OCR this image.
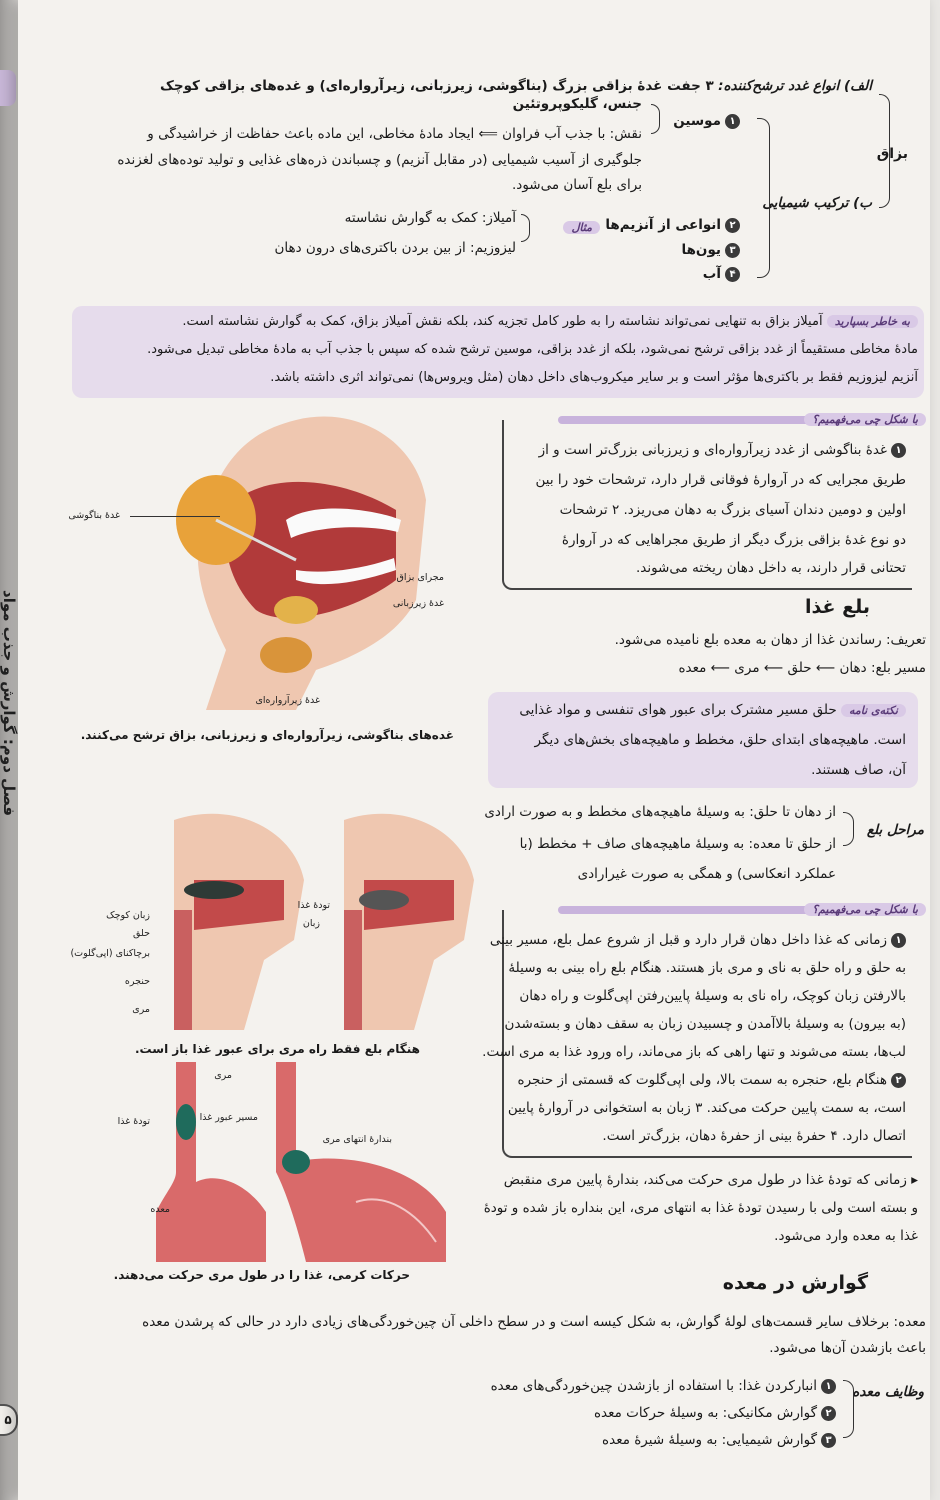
فصل دوم: گوارش و جذب مواد
۵
بزاق
الف) انواع غدد ترشح‌کننده: ۳ جفت غدهٔ بزاقی بزرگ (بناگوشی، زیرزبانی، زیرآرواره‌ای) و غده‌های بزاقی کوچک
ب) ترکیب شیمیایی
۱موسین
جنس، گلیکوپروتئین
نقش: با جذب آب فراوان ⟸ ایجاد مادهٔ مخاطی، این ماده باعث حفاظت از خراشیدگی و
جلوگیری از آسیب شیمیایی (در مقابل آنزیم) و چسباندن ذره‌های غذایی و تولید توده‌های لغزنده
برای بلع آسان می‌شود.
۲انواعی از آنزیم‌ها
مثال
آمیلاز: کمک به گوارش نشاسته
لیزوزیم: از بین بردن باکتری‌های درون دهان	۳یون‌ها
۴آب
به خاطر بسپارید آمیلاز بزاق به تنهایی نمی‌تواند نشاسته را به طور کامل تجزیه کند، بلکه نقش آمیلاز بزاق، کمک به گوارش نشاسته است.
مادهٔ مخاطی مستقیماً از غدد بزاقی ترشح نمی‌شود، بلکه از غدد بزاقی، موسین ترشح شده که سپس با جذب آب به مادهٔ مخاطی تبدیل می‌شود.
آنزیم لیزوزیم فقط بر باکتری‌ها مؤثر است و بر سایر میکروب‌های داخل دهان (مثل ویروس‌ها) نمی‌تواند اثری داشته باشد.
غدهٔ بناگوشی
مجرای بزاق
غدهٔ زیرزبانی
غدهٔ زیرآرواره‌ای
غده‌های بناگوشی، زیرآرواره‌ای و زیرزبانی، بزاق ترشح می‌کنند.
با شکل چی می‌فهمیم؟
۱غدهٔ بناگوشی از غدد زیرآرواره‌ای و زیرزبانی بزرگ‌تر است و از
طریق مجرایی که در آروارهٔ فوقانی قرار دارد، ترشحات خود را بین
اولین و دومین دندان آسیای بزرگ به دهان می‌ریزد. ۲ ترشحات
دو نوع غدهٔ بزاقی بزرگ دیگر از طریق مجراهایی که در آروارهٔ
تحتانی قرار دارند، به داخل دهان ریخته می‌شوند.
بلع غذا
تعریف: رساندن غذا از دهان به معده بلع نامیده می‌شود.
مسیر بلع: دهان ⟵ حلق ⟵ مری ⟵ معده
نکته‌ی نامه حلق مسیر مشترک برای عبور هوای تنفسی و مواد غذایی
است. ماهیچه‌های ابتدای حلق، مخطط و ماهیچه‌های بخش‌های دیگر
آن، صاف هستند.
مراحل بلع
از دهان تا حلق: به وسیلهٔ ماهیچه‌های مخطط و به صورت ارادی
از حلق تا معده: به وسیلهٔ ماهیچه‌های صاف + مخطط (با
عملکرد انعکاسی) و همگی به صورت غیرارادی
تودهٔ غذا
زبان
زبان کوچک
حلق
برچاکنای (اپی‌گلوت)
حنجره
مری
هنگام بلع فقط راه مری برای عبور غذا باز است.
با شکل چی می‌فهمیم؟
۱زمانی که غذا داخل دهان قرار دارد و قبل از شروع عمل بلع، مسیر بینی
به حلق و راه حلق به نای و مری باز هستند. هنگام بلع راه بینی به وسیلهٔ
بالارفتن زبان کوچک، راه نای به وسیلهٔ پایین‌رفتن اپی‌گلوت و راه دهان
(به بیرون) به وسیلهٔ بالاآمدن و چسبیدن زبان به سقف دهان و بسته‌شدن
لب‌ها، بسته می‌شوند و تنها راهی که باز می‌ماند، راه ورود غذا به مری است.
۲هنگام بلع، حنجره به سمت بالا، ولی اپی‌گلوت که قسمتی از حنجره
است، به سمت پایین حرکت می‌کند. ۳ زبان به استخوانی در آروارهٔ پایین
اتصال دارد. ۴ حفرهٔ بینی از حفرهٔ دهان، بزرگ‌تر است.
▸ زمانی که تودهٔ غذا در طول مری حرکت می‌کند، بندارهٔ پایین مری منقبض
و بسته است ولی با رسیدن تودهٔ غذا به انتهای مری، این بنداره باز شده و تودهٔ
غذا به معده وارد می‌شود.
مری
تودهٔ غذا	مسیر عبور غذا
بندارهٔ انتهای مری
معده
حرکات کرمی، غذا را در طول مری حرکت می‌دهند.	گوارش در معده
معده: برخلاف سایر قسمت‌های لولهٔ گوارش، به شکل کیسه است و در سطح داخلی آن چین‌خوردگی‌های زیادی دارد در حالی که پرشدن معده
باعث بازشدن آن‌ها می‌شود.
وظایف معده
۱انبارکردن غذا: با استفاده از بازشدن چین‌خوردگی‌های معده
۲گوارش مکانیکی: به وسیلهٔ حرکات معده
۳گوارش شیمیایی: به وسیلهٔ شیرهٔ معده
